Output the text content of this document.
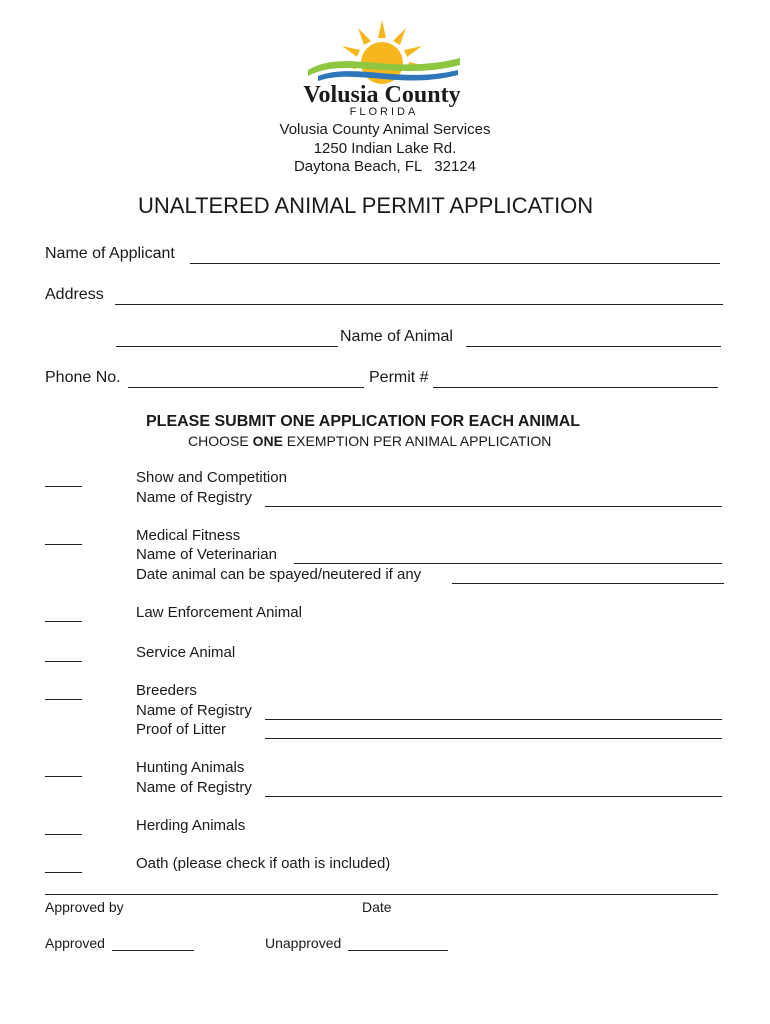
Volusia County
FLORIDA
Volusia County Animal Services
1250 Indian Lake Rd.
Daytona Beach, FL   32124
UNALTERED ANIMAL PERMIT APPLICATION
Name of Applicant
Address
Name of Animal
Phone No.	Permit #
PLEASE SUBMIT ONE APPLICATION FOR EACH ANIMAL
CHOOSE ONE EXEMPTION PER ANIMAL APPLICATION
Show and Competition
Name of Registry
Medical Fitness
Name of Veterinarian
Date animal can be spayed/neutered if any
Law Enforcement Animal
Service Animal
Breeders
Name of Registry
Proof of Litter
Hunting Animals
Name of Registry
Herding Animals
Oath (please check if oath is included)
Approved by	Date
Approved	Unapproved
